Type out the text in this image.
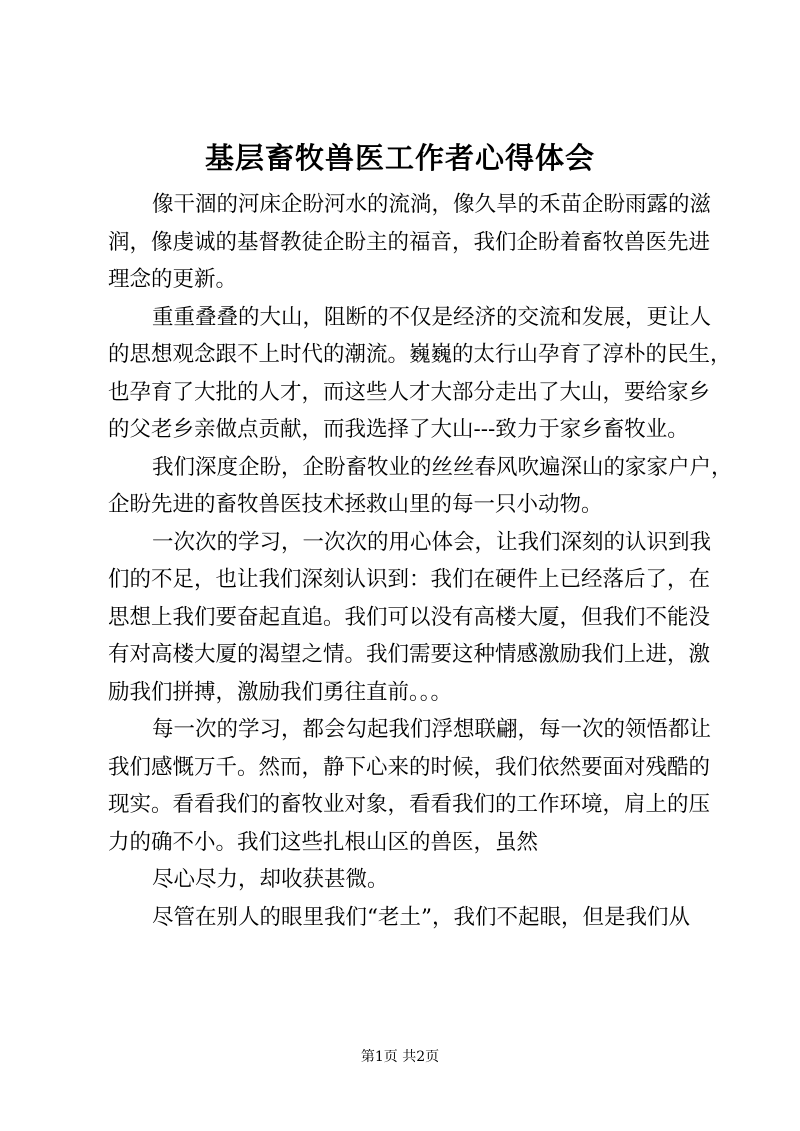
基层畜牧兽医工作者心得体会
像干涸的河床企盼河水的流淌，像久旱的禾苗企盼雨露的滋
润，像虔诚的基督教徒企盼主的福音，我们企盼着畜牧兽医先进
理念的更新。
重重叠叠的大山，阻断的不仅是经济的交流和发展，更让人
的思想观念跟不上时代的潮流。巍巍的太行山孕育了淳朴的民生，
也孕育了大批的人才，而这些人才大部分走出了大山，要给家乡
的父老乡亲做点贡献，而我选择了大山---致力于家乡畜牧业。
我们深度企盼，企盼畜牧业的丝丝春风吹遍深山的家家户户，
企盼先进的畜牧兽医技术拯救山里的每一只小动物。
一次次的学习，一次次的用心体会，让我们深刻的认识到我
们的不足，也让我们深刻认识到：我们在硬件上已经落后了，在
思想上我们要奋起直追。我们可以没有高楼大厦，但我们不能没
有对高楼大厦的渴望之情。我们需要这种情感激励我们上进，激
励我们拼搏，激励我们勇往直前。。。
每一次的学习，都会勾起我们浮想联翩，每一次的领悟都让
我们感慨万千。然而，静下心来的时候，我们依然要面对残酷的
现实。看看我们的畜牧业对象，看看我们的工作环境，肩上的压
力的确不小。我们这些扎根山区的兽医，虽然
尽心尽力，却收获甚微。
尽管在别人的眼里我们“老土”，我们不起眼，但是我们从
第1页 共2页
